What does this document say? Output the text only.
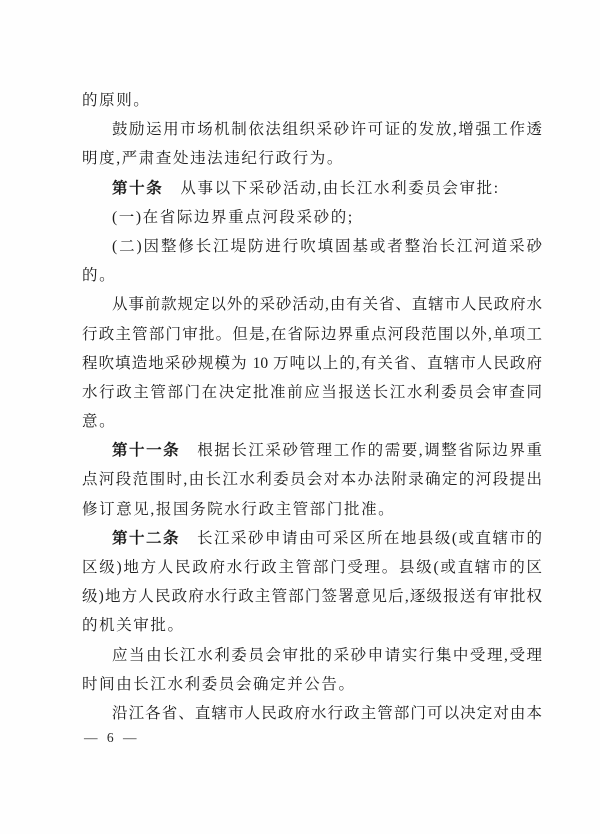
的原则。
鼓励运用市场机制依法组织采砂许可证的发放,增强工作透
明度,严肃查处违法违纪行政行为。
第十条　从事以下采砂活动,由长江水利委员会审批:
(一)在省际边界重点河段采砂的;
(二)因整修长江堤防进行吹填固基或者整治长江河道采砂
的。
从事前款规定以外的采砂活动,由有关省、直辖市人民政府水
行政主管部门审批。但是,在省际边界重点河段范围以外,单项工
程吹填造地采砂规模为 10 万吨以上的,有关省、直辖市人民政府
水行政主管部门在决定批准前应当报送长江水利委员会审查同
意。
第十一条　根据长江采砂管理工作的需要,调整省际边界重
点河段范围时,由长江水利委员会对本办法附录确定的河段提出
修订意见,报国务院水行政主管部门批准。
第十二条　长江采砂申请由可采区所在地县级(或直辖市的
区级)地方人民政府水行政主管部门受理。县级(或直辖市的区
级)地方人民政府水行政主管部门签署意见后,逐级报送有审批权
的机关审批。
应当由长江水利委员会审批的采砂申请实行集中受理,受理
时间由长江水利委员会确定并公告。
沿江各省、直辖市人民政府水行政主管部门可以决定对由本
— 6 —
